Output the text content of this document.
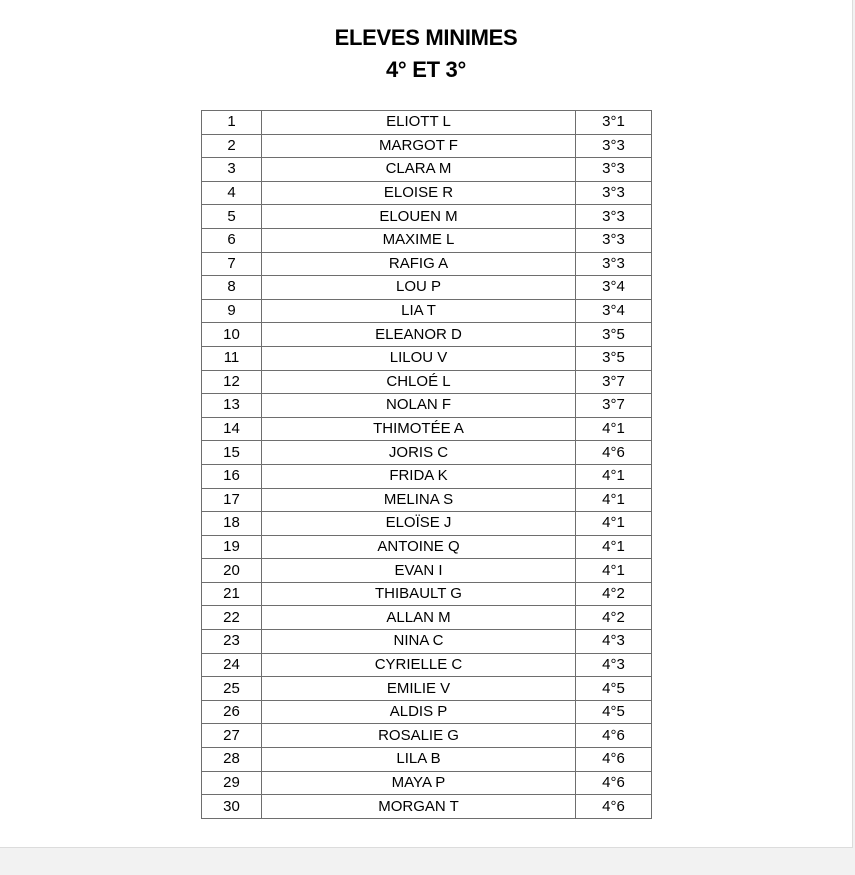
ELEVES MINIMES
4° ET 3°
1	ELIOTT L	3°1
2	MARGOT F	3°3
3	CLARA M	3°3
4	ELOISE R	3°3
5	ELOUEN M	3°3
6	MAXIME L	3°3
7	RAFIG A	3°3
8	LOU P	3°4
9	LIA T	3°4
10	ELEANOR D	3°5
11	LILOU V	3°5
12	CHLOÉ L	3°7
13	NOLAN F	3°7
14	THIMOTÉE A	4°1
15	JORIS C	4°6
16	FRIDA K	4°1
17	MELINA S	4°1
18	ELOÏSE J	4°1
19	ANTOINE Q	4°1
20	EVAN I	4°1
21	THIBAULT G	4°2
22	ALLAN M	4°2
23	NINA C	4°3
24	CYRIELLE C	4°3
25	EMILIE V	4°5
26	ALDIS P	4°5
27	ROSALIE G	4°6
28	LILA B	4°6
29	MAYA P	4°6
30	MORGAN T	4°6
